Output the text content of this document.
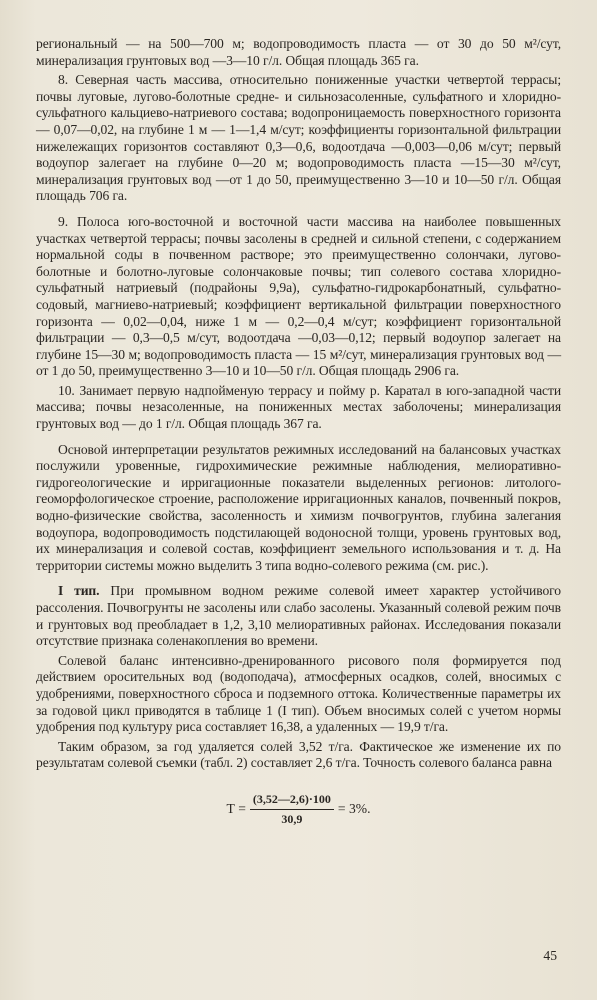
региональный — на 500—700 м; водопроводимость пласта — от 30 до 50 м²/сут, минерализация грунтовых вод —3—10 г/л. Общая площадь 365 га.

8. Северная часть массива, относительно пониженные участки четвертой террасы; почвы луговые, лугово-болотные средне- и сильнозасоленные, сульфатного и хлоридно-сульфатного кальциево-натриевого состава; водопроницаемость поверхностного горизонта — 0,07—0,02, на глубине 1 м — 1—1,4 м/сут; коэффициенты горизонтальной фильтрации нижележащих горизонтов составляют 0,3—0,6, водоотдача —0,003—0,06 м/сут; первый водоупор залегает на глубине 0—20 м; водопроводимость пласта —15—30 м²/сут, минерализация грунтовых вод —от 1 до 50, преимущественно 3—10 и 10—50 г/л. Общая площадь 706 га.

9. Полоса юго-восточной и восточной части массива на наиболее повышенных участках четвертой террасы; почвы засолены в средней и сильной степени, с содержанием нормальной соды в почвенном растворе; это преимущественно солончаки, лугово-болотные и болотно-луговые солончаковые почвы; тип солевого состава хлоридно-сульфатный натриевый (подрайоны 9,9а), сульфатно-гидрокарбонатный, сульфатно-содовый, магниево-натриевый; коэффициент вертикальной фильтрации поверхностного горизонта — 0,02—0,04, ниже 1 м — 0,2—0,4 м/сут; коэффициент горизонтальной фильтрации — 0,3—0,5 м/сут, водоотдача —0,03—0,12; первый водоупор залегает на глубине 15—30 м; водопроводимость пласта — 15 м²/сут, минерализация грунтовых вод — от 1 до 50, преимущественно 3—10 и 10—50 г/л. Общая площадь 2906 га.

10. Занимает первую надпойменую террасу и пойму р. Каратал в юго-западной части массива; почвы незасоленные, на пониженных местах заболочены; минерализация грунтовых вод — до 1 г/л. Общая площадь 367 га.

Основой интерпретации результатов режимных исследований на балансовых участках послужили уровенные, гидрохимические режимные наблюдения, мелиоративно-гидрогеологические и ирригационные показатели выделенных регионов: литолого-геоморфологическое строение, расположение ирригационных каналов, почвенный покров, водно-физические свойства, засоленность и химизм почвогрунтов, глубина залегания водоупора, водопроводимость подстилающей водоносной толщи, уровень грунтовых вод, их минерализация и солевой состав, коэффициент земельного использования и т. д. На территории системы можно выделить 3 типа водно-солевого режима (см. рис.).

I тип. При промывном водном режиме солевой имеет характер устойчивого рассоления. Почвогрунты не засолены или слабо засолены. Указанный солевой режим почв и грунтовых вод преобладает в 1,2, 3,10 мелиоративных районах. Исследования показали отсутствие признака соленакопления во времени.

Солевой баланс интенсивно-дренированного рисового поля формируется под действием оросительных вод (водоподача), атмосферных осадков, солей, вносимых с удобрениями, поверхностного сброса и подземного оттока. Количественные параметры их за годовой цикл приводятся в таблице 1 (I тип). Объем вносимых солей с учетом нормы удобрения под культуру риса составляет 16,38, а удаленных — 19,9 т/га.

Таким образом, за год удаляется солей 3,52 т/га. Фактическое же изменение их по результатам солевой съемки (табл. 2) составляет 2,6 т/га. Точность солевого баланса равна

$Т = \frac{(3,52—2,6)\cdot 100}{30,9} = 3\%$.
45
